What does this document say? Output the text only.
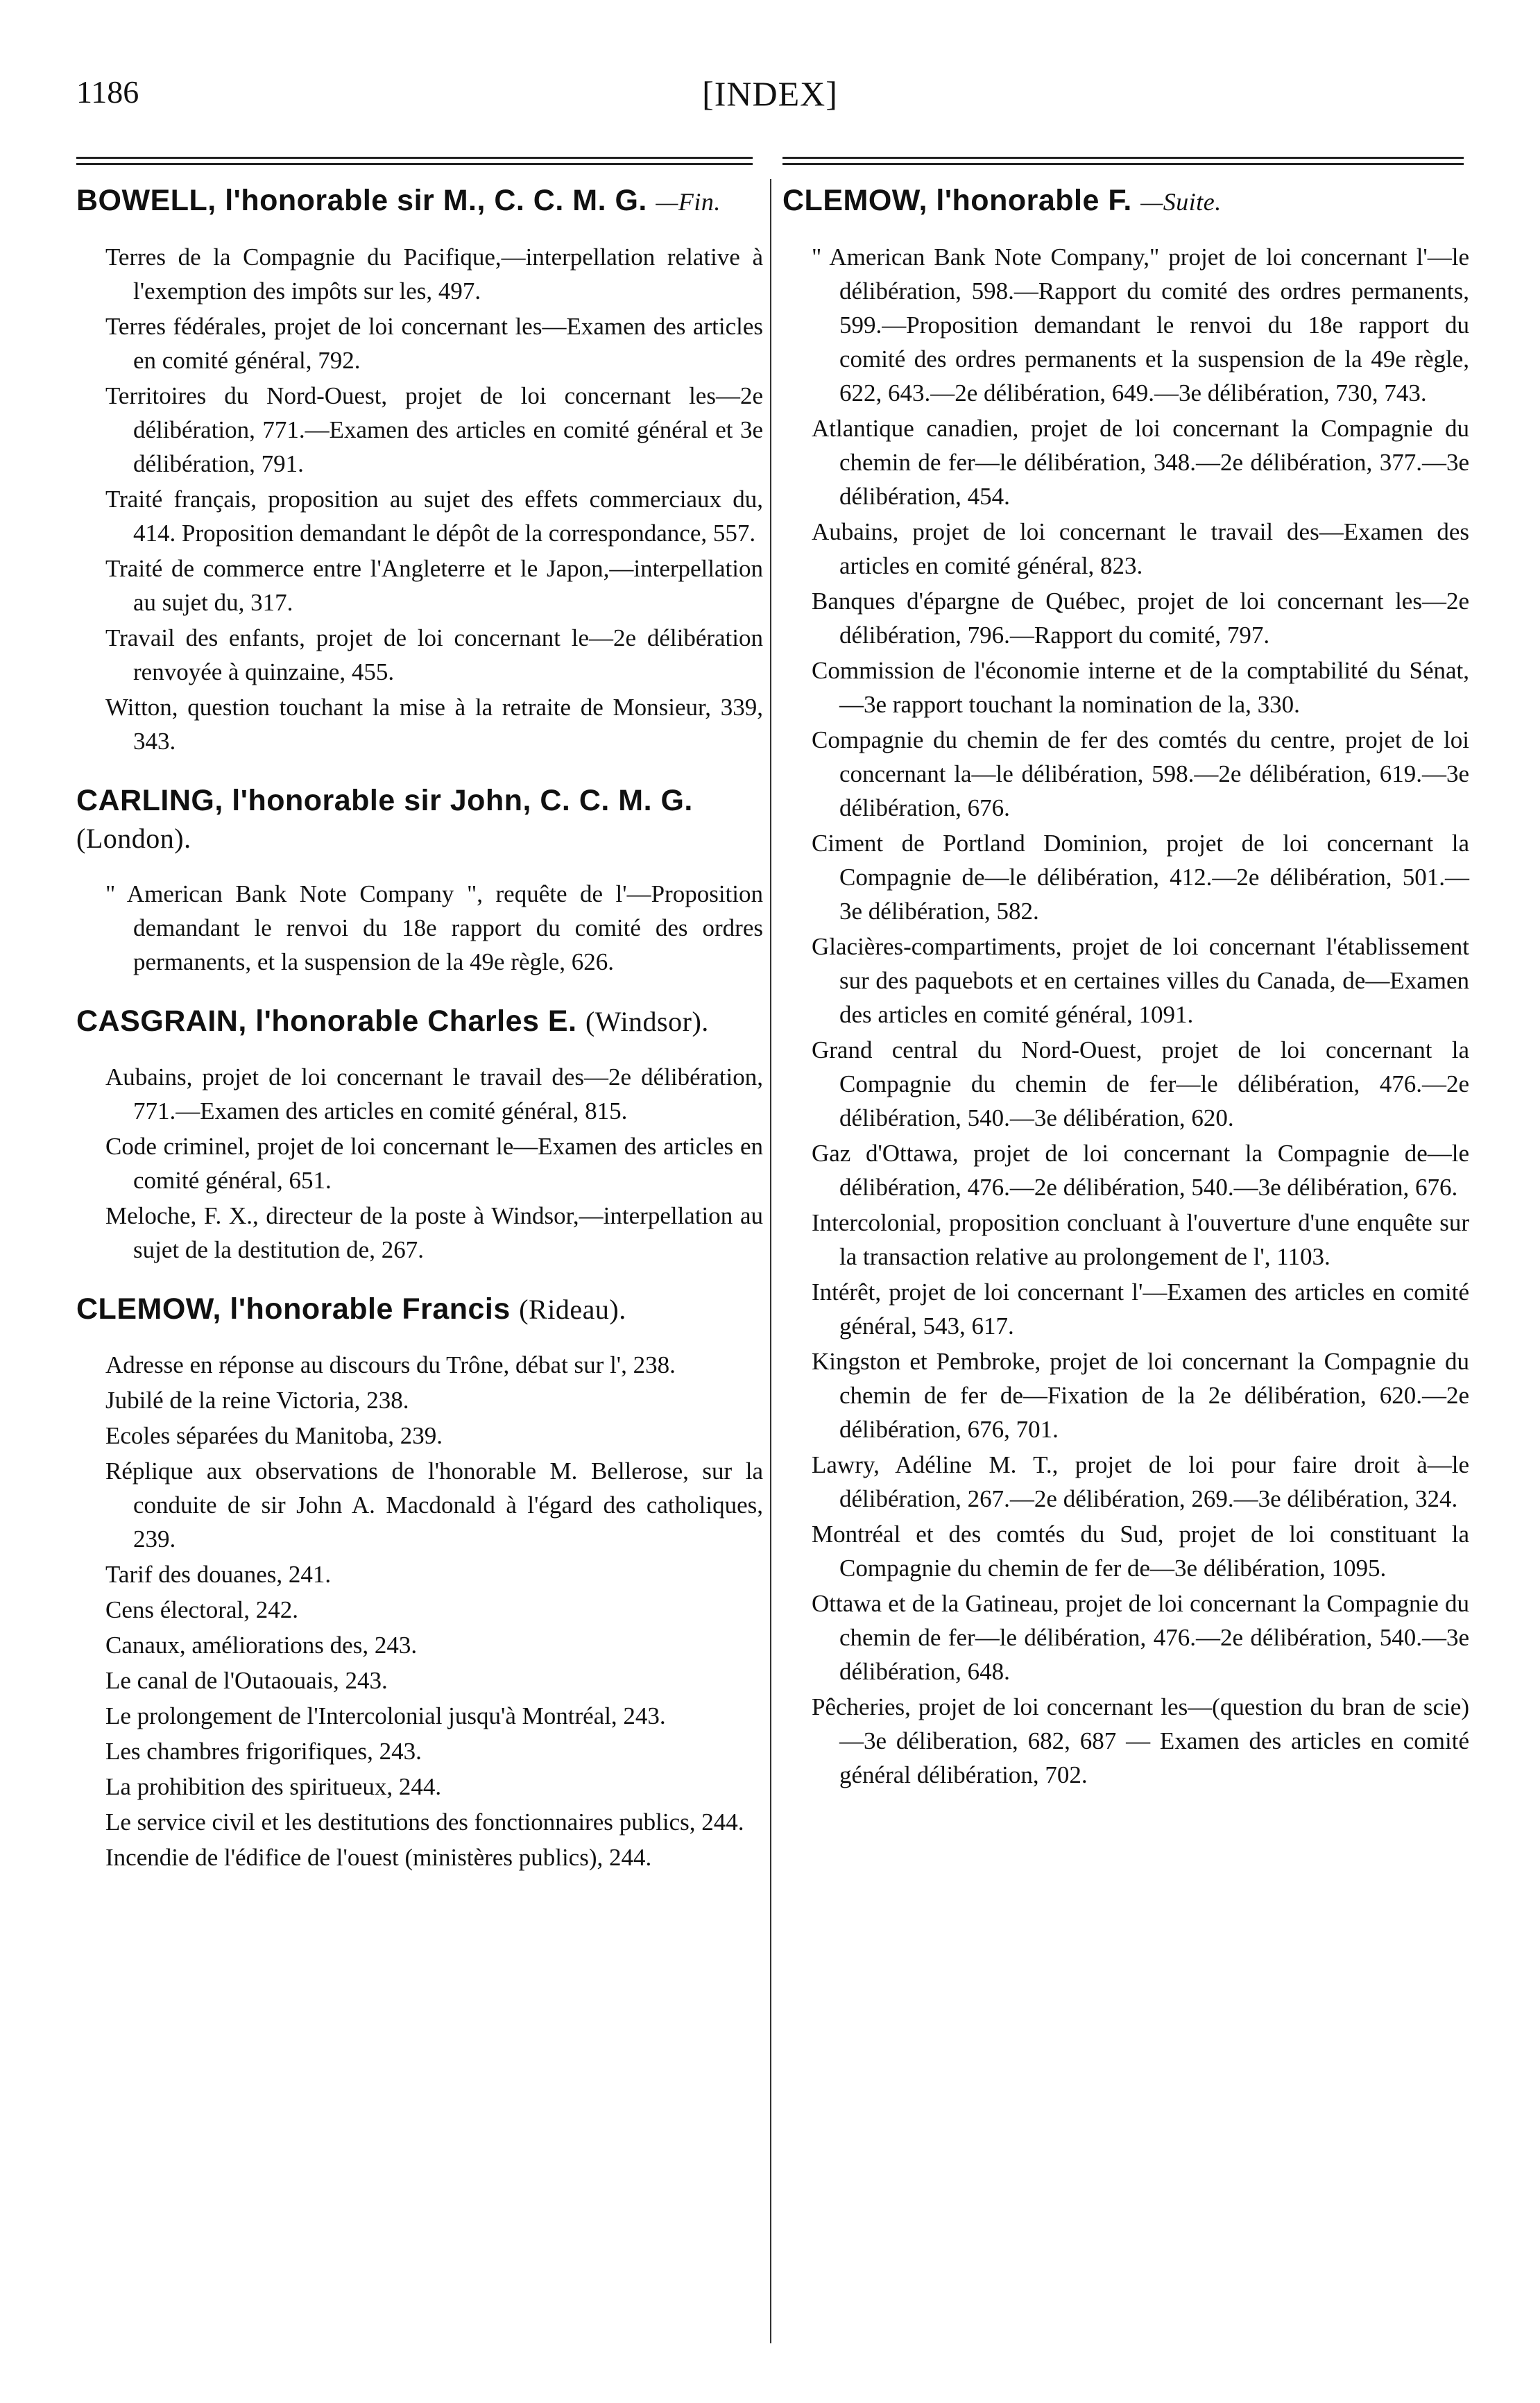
1186	[INDEX]
BOWELL, l'honorable sir M., C. C. M. G. —Fin.
Terres de la Compagnie du Pacifique,—interpellation relative à l'exemption des impôts sur les, 497.
Terres fédérales, projet de loi concernant les—Examen des articles en comité général, 792.
Territoires du Nord-Ouest, projet de loi concernant les—2e délibération, 771.—Examen des articles en comité général et 3e délibération, 791.
Traité français, proposition au sujet des effets commerciaux du, 414. Proposition demandant le dépôt de la correspondance, 557.
Traité de commerce entre l'Angleterre et le Japon,—interpellation au sujet du, 317.
Travail des enfants, projet de loi concernant le—2e délibération renvoyée à quinzaine, 455.
Witton, question touchant la mise à la retraite de Monsieur, 339, 343.
CARLING, l'honorable sir John, C. C. M. G. (London).
" American Bank Note Company ", requête de l'—Proposition demandant le renvoi du 18e rapport du comité des ordres permanents, et la suspension de la 49e règle, 626.
CASGRAIN, l'honorable Charles E. (Windsor).
Aubains, projet de loi concernant le travail des—2e délibération, 771.—Examen des articles en comité général, 815.
Code criminel, projet de loi concernant le—Examen des articles en comité général, 651.
Meloche, F. X., directeur de la poste à Windsor,—interpellation au sujet de la destitution de, 267.
CLEMOW, l'honorable Francis (Rideau).
Adresse en réponse au discours du Trône, débat sur l', 238.
Jubilé de la reine Victoria, 238.
Ecoles séparées du Manitoba, 239.
Réplique aux observations de l'honorable M. Bellerose, sur la conduite de sir John A. Macdonald à l'égard des catholiques, 239.
Tarif des douanes, 241.
Cens électoral, 242.
Canaux, améliorations des, 243.
Le canal de l'Outaouais, 243.
Le prolongement de l'Intercolonial jusqu'à Montréal, 243.
Les chambres frigorifiques, 243.
La prohibition des spiritueux, 244.
Le service civil et les destitutions des fonctionnaires publics, 244.
Incendie de l'édifice de l'ouest (ministères publics), 244.
CLEMOW, l'honorable F. —Suite.
" American Bank Note Company," projet de loi concernant l'—le délibération, 598.—Rapport du comité des ordres permanents, 599.—Proposition demandant le renvoi du 18e rapport du comité des ordres permanents et la suspension de la 49e règle, 622, 643.—2e délibération, 649.—3e délibération, 730, 743.
Atlantique canadien, projet de loi concernant la Compagnie du chemin de fer—le délibération, 348.—2e délibération, 377.—3e délibération, 454.
Aubains, projet de loi concernant le travail des—Examen des articles en comité général, 823.
Banques d'épargne de Québec, projet de loi concernant les—2e délibération, 796.—Rapport du comité, 797.
Commission de l'économie interne et de la comptabilité du Sénat,—3e rapport touchant la nomination de la, 330.
Compagnie du chemin de fer des comtés du centre, projet de loi concernant la—le délibération, 598.—2e délibération, 619.—3e délibération, 676.
Ciment de Portland Dominion, projet de loi concernant la Compagnie de—le délibération, 412.—2e délibération, 501.—3e délibération, 582.
Glacières-compartiments, projet de loi concernant l'établissement sur des paquebots et en certaines villes du Canada, de—Examen des articles en comité général, 1091.
Grand central du Nord-Ouest, projet de loi concernant la Compagnie du chemin de fer—le délibération, 476.—2e délibération, 540.—3e délibération, 620.
Gaz d'Ottawa, projet de loi concernant la Compagnie de—le délibération, 476.—2e délibération, 540.—3e délibération, 676.
Intercolonial, proposition concluant à l'ouverture d'une enquête sur la transaction relative au prolongement de l', 1103.
Intérêt, projet de loi concernant l'—Examen des articles en comité général, 543, 617.
Kingston et Pembroke, projet de loi concernant la Compagnie du chemin de fer de—Fixation de la 2e délibération, 620.—2e délibération, 676, 701.
Lawry, Adéline M. T., projet de loi pour faire droit à—le délibération, 267.—2e délibération, 269.—3e délibération, 324.
Montréal et des comtés du Sud, projet de loi constituant la Compagnie du chemin de fer de—3e délibération, 1095.
Ottawa et de la Gatineau, projet de loi concernant la Compagnie du chemin de fer—le délibération, 476.—2e délibération, 540.—3e délibération, 648.
Pêcheries, projet de loi concernant les—(question du bran de scie)—3e déliberation, 682, 687 — Examen des articles en comité général délibération, 702.
